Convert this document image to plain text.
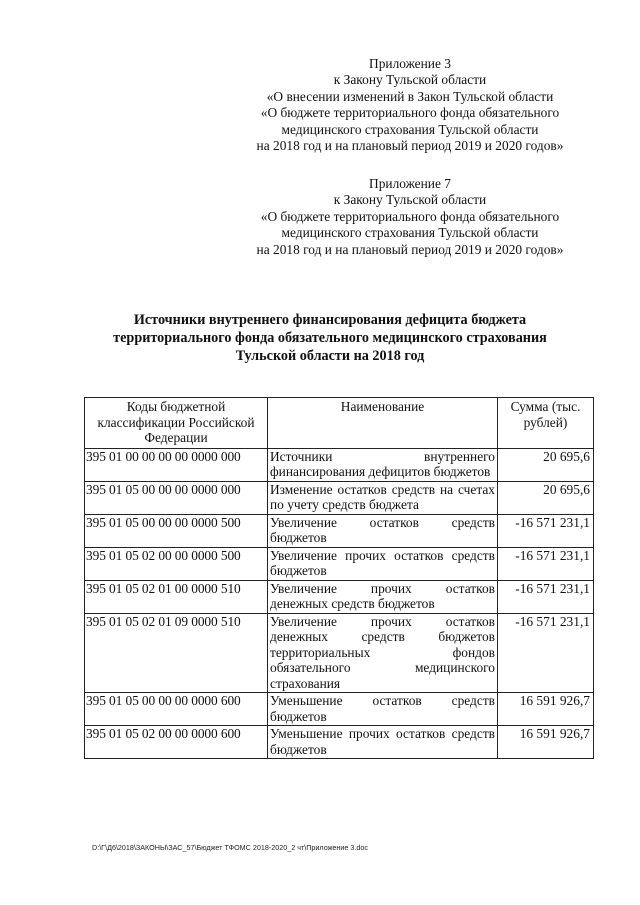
Приложение 3
к Закону Тульской области
«О внесении изменений в Закон Тульской области
«О бюджете территориального фонда обязательного
медицинского страхования Тульской области
на 2018 год и на плановый период 2019 и 2020 годов»
Приложение 7
к Закону Тульской области
«О бюджете территориального фонда обязательного
медицинского страхования Тульской области
на 2018 год и на плановый период 2019 и 2020 годов»
Источники внутреннего финансирования дефицита бюджета
территориального фонда обязательного медицинского страхования
Тульской области на 2018 год
Коды бюджетной классификации Российской Федерации	Наименование	Сумма (тыс. рублей)
395 01 00 00 00 00 0000 000	Источники внутреннего финансирования дефицитов бюджетов	20 695,6
395 01 05 00 00 00 0000 000	Изменение остатков средств на счетах по учету средств бюджета	20 695,6
395 01 05 00 00 00 0000 500	Увеличение остатков средств бюджетов	-16 571 231,1
395 01 05 02 00 00 0000 500	Увеличение прочих остатков средств бюджетов	-16 571 231,1
395 01 05 02 01 00 0000 510	Увеличение прочих остатков денежных средств бюджетов	-16 571 231,1
395 01 05 02 01 09 0000 510	Увеличение прочих остатков денежных средств бюджетов территориальных фондов обязательного медицинского страхования	-16 571 231,1
395 01 05 00 00 00 0000 600	Уменьшение остатков средств бюджетов	16 591 926,7
395 01 05 02 00 00 0000 600	Уменьшение прочих остатков средств бюджетов	16 591 926,7
D:\Г\Д6\2018\ЗАКОНЫ\ЗАС_57\Бюджет ТФОМС 2018-2020_2 чт\Приложение 3.doc
